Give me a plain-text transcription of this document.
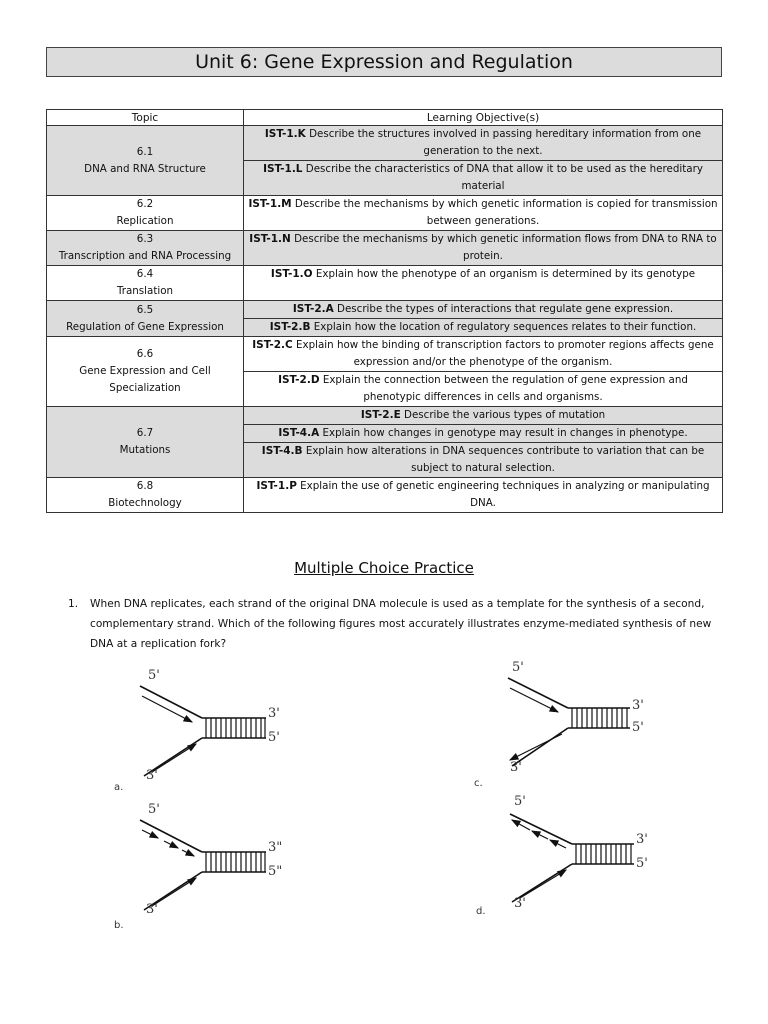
Unit 6: Gene Expression and Regulation
Topic	Learning Objective(s)

6.1
DNA and RNA Structure	IST-1.K Describe the structures involved in passing hereditary information from one generation to the next.
	IST-1.L Describe the characteristics of DNA that allow it to be used as the hereditary material

6.2
Replication	IST-1.M Describe the mechanisms by which genetic information is copied for transmission between generations.

6.3
Transcription and RNA Processing	IST-1.N Describe the mechanisms by which genetic information flows from DNA to RNA to protein.

6.4
Translation	IST-1.O Explain how the phenotype of an organism is determined by its genotype

6.5
Regulation of Gene Expression	IST-2.A Describe the types of interactions that regulate gene expression.
	IST-2.B Explain how the location of regulatory sequences relates to their function.

6.6
Gene Expression and Cell Specialization	IST-2.C Explain how the binding of transcription factors to promoter regions affects gene expression and/or the phenotype of the organism.
	IST-2.D Explain the connection between the regulation of gene expression and phenotypic differences in cells and organisms.

6.7
Mutations	IST-2.E Describe the various types of mutation
	IST-4.A Explain how changes in genotype may result in changes in phenotype.
	IST-4.B Explain how alterations in DNA sequences contribute to variation that can be subject to natural selection.

6.8
Biotechnology	IST-1.P Explain the use of genetic engineering techniques in analyzing or manipulating DNA.
Multiple Choice Practice
1. When DNA replicates, each strand of the original DNA molecule is used as a template for the synthesis of a second, complementary strand. Which of the following figures most accurately illustrates enzyme-mediated synthesis of new DNA at a replication fork?
5'
3'
5'
3'
a.
5'
3"
5"
3'
b.
5'
3'
5'
3'
c.
5'
3'
5'
3'
d.
